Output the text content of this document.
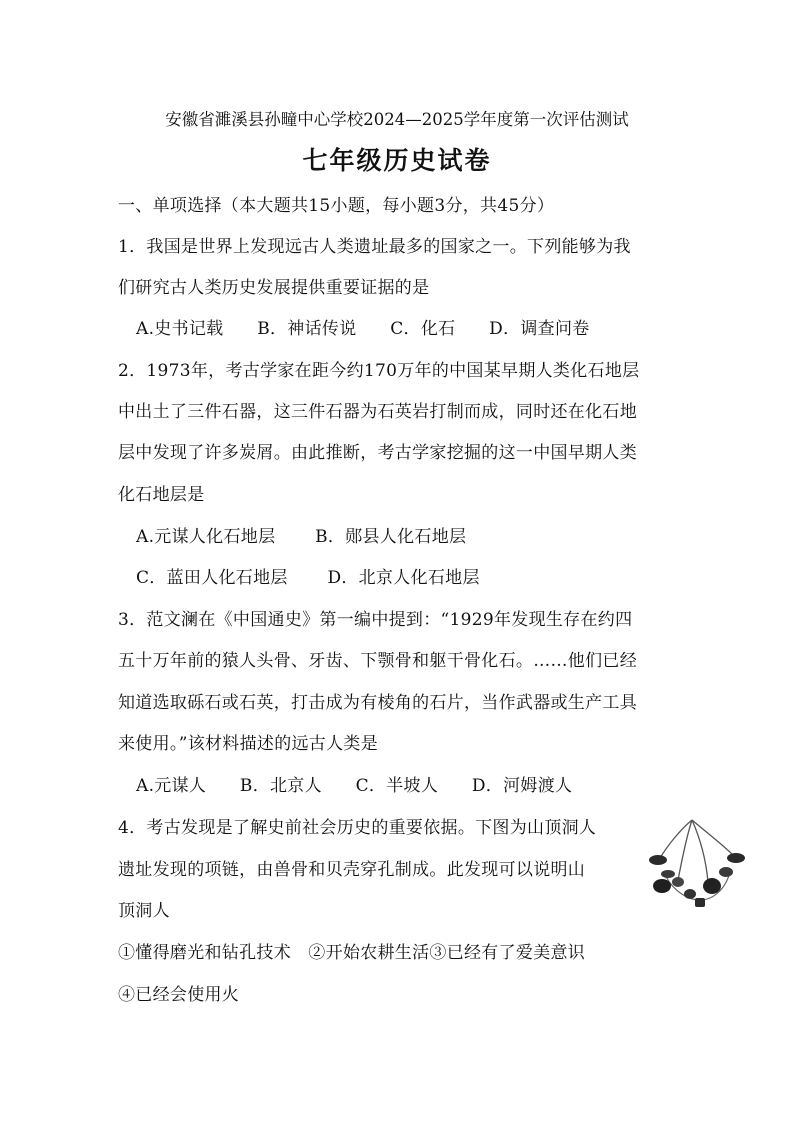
安徽省濉溪县孙疃中心学校2024—2025学年度第一次评估测试
七年级历史试卷
一、单项选择（本大题共15小题，每小题3分，共45分）
1．我国是世界上发现远古人类遗址最多的国家之一。下列能够为我
们研究古人类历史发展提供重要证据的是
A.史书记载 B．神话传说 C．化石 D．调查问卷
2．1973年，考古学家在距今约170万年的中国某早期人类化石地层
中出土了三件石器，这三件石器为石英岩打制而成，同时还在化石地
层中发现了许多炭屑。由此推断，考古学家挖掘的这一中国早期人类
化石地层是
A.元谋人化石地层 B．郧县人化石地层
C．蓝田人化石地层 D．北京人化石地层
3．范文澜在《中国通史》第一编中提到：“1929年发现生存在约四
五十万年前的猿人头骨、牙齿、下颚骨和躯干骨化石。……他们已经
知道选取砾石或石英，打击成为有棱角的石片，当作武器或生产工具
来使用。”该材料描述的远古人类是
A.元谋人 B．北京人 C．半坡人 D．河姆渡人
4．考古发现是了解史前社会历史的重要依据。下图为山顶洞人
遗址发现的项链，由兽骨和贝壳穿孔制成。此发现可以说明山
顶洞人
①懂得磨光和钻孔技术　②开始农耕生活③已经有了爱美意识
④已经会使用火
